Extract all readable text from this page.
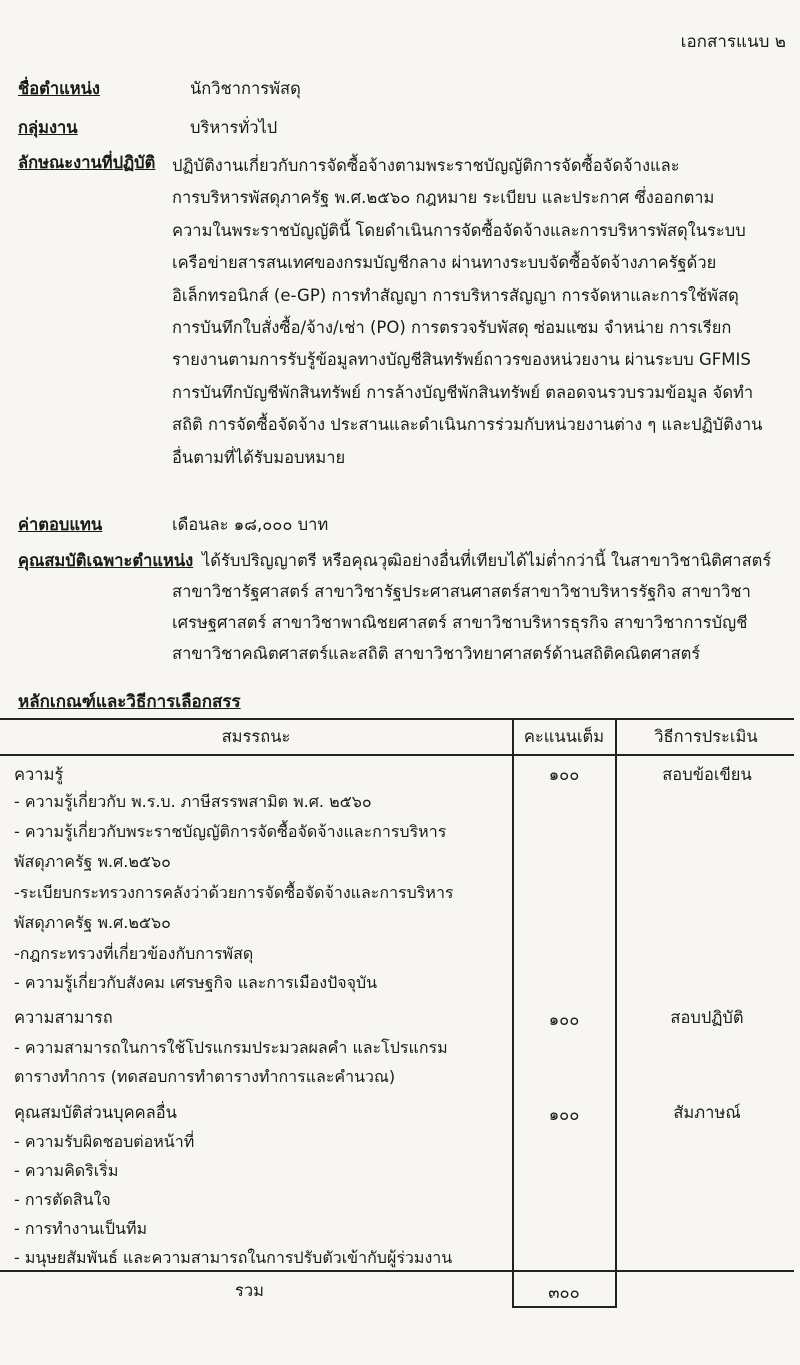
เอกสารแนบ ๒
ชื่อตำแหน่ง	นักวิชาการพัสดุ
กลุ่มงาน	บริหารทั่วไป
ลักษณะงานที่ปฏิบัติ ปฏิบัติงานเกี่ยวกับการจัดซื้อจ้างตามพระราชบัญญัติการจัดซื้อจัดจ้างและ
การบริหารพัสดุภาครัฐ พ.ศ.๒๕๖๐ กฎหมาย ระเบียบ และประกาศ ซึ่งออกตาม
ความในพระราชบัญญัตินี้ โดยดำเนินการจัดซื้อจัดจ้างและการบริหารพัสดุในระบบ
เครือข่ายสารสนเทศของกรมบัญชีกลาง ผ่านทางระบบจัดซื้อจัดจ้างภาครัฐด้วย
อิเล็กทรอนิกส์ (e-GP) การทำสัญญา การบริหารสัญญา การจัดหาและการใช้พัสดุ
การบันทึกใบสั่งซื้อ/จ้าง/เช่า (PO) การตรวจรับพัสดุ ซ่อมแซม จำหน่าย การเรียก
รายงานตามการรับรู้ข้อมูลทางบัญชีสินทรัพย์ถาวรของหน่วยงาน ผ่านระบบ GFMIS
การบันทึกบัญชีพักสินทรัพย์ การล้างบัญชีพักสินทรัพย์ ตลอดจนรวบรวมข้อมูล จัดทำ
สถิติ การจัดซื้อจัดจ้าง ประสานและดำเนินการร่วมกับหน่วยงานต่าง ๆ และปฏิบัติงาน
อื่นตามที่ได้รับมอบหมาย
ค่าตอบแทน	เดือนละ ๑๘,๐๐๐ บาท
คุณสมบัติเฉพาะตำแหน่ง ได้รับปริญญาตรี หรือคุณวุฒิอย่างอื่นที่เทียบได้ไม่ต่ำกว่านี้ ในสาขาวิชานิติศาสตร์
สาขาวิชารัฐศาสตร์ สาขาวิชารัฐประศาสนศาสตร์สาขาวิชาบริหารรัฐกิจ สาขาวิชา
เศรษฐศาสตร์ สาขาวิชาพาณิชยศาสตร์ สาขาวิชาบริหารธุรกิจ สาขาวิชาการบัญชี
สาขาวิชาคณิตศาสตร์และสถิติ สาขาวิชาวิทยาศาสตร์ด้านสถิติคณิตศาสตร์
หลักเกณฑ์และวิธีการเลือกสรร
สมรรถนะ	คะแนนเต็ม	วิธีการประเมิน
ความรู้	๑๐๐	สอบข้อเขียน
- ความรู้เกี่ยวกับ พ.ร.บ. ภาษีสรรพสามิต พ.ศ. ๒๕๖๐
- ความรู้เกี่ยวกับพระราชบัญญัติการจัดซื้อจัดจ้างและการบริหาร
พัสดุภาครัฐ พ.ศ.๒๕๖๐
-ระเบียบกระทรวงการคลังว่าด้วยการจัดซื้อจัดจ้างและการบริหาร
พัสดุภาครัฐ พ.ศ.๒๕๖๐
-กฎกระทรวงที่เกี่ยวข้องกับการพัสดุ
- ความรู้เกี่ยวกับสังคม เศรษฐกิจ และการเมืองปัจจุบัน
ความสามารถ	๑๐๐	สอบปฏิบัติ
- ความสามารถในการใช้โปรแกรมประมวลผลคำ และโปรแกรม
ตารางทำการ (ทดสอบการทำตารางทำการและคำนวณ)
คุณสมบัติส่วนบุคคลอื่น	๑๐๐	สัมภาษณ์
- ความรับผิดชอบต่อหน้าที่
- ความคิดริเริ่ม
- การตัดสินใจ
- การทำงานเป็นทีม
- มนุษยสัมพันธ์ และความสามารถในการปรับตัวเข้ากับผู้ร่วมงาน
รวม	๓๐๐
